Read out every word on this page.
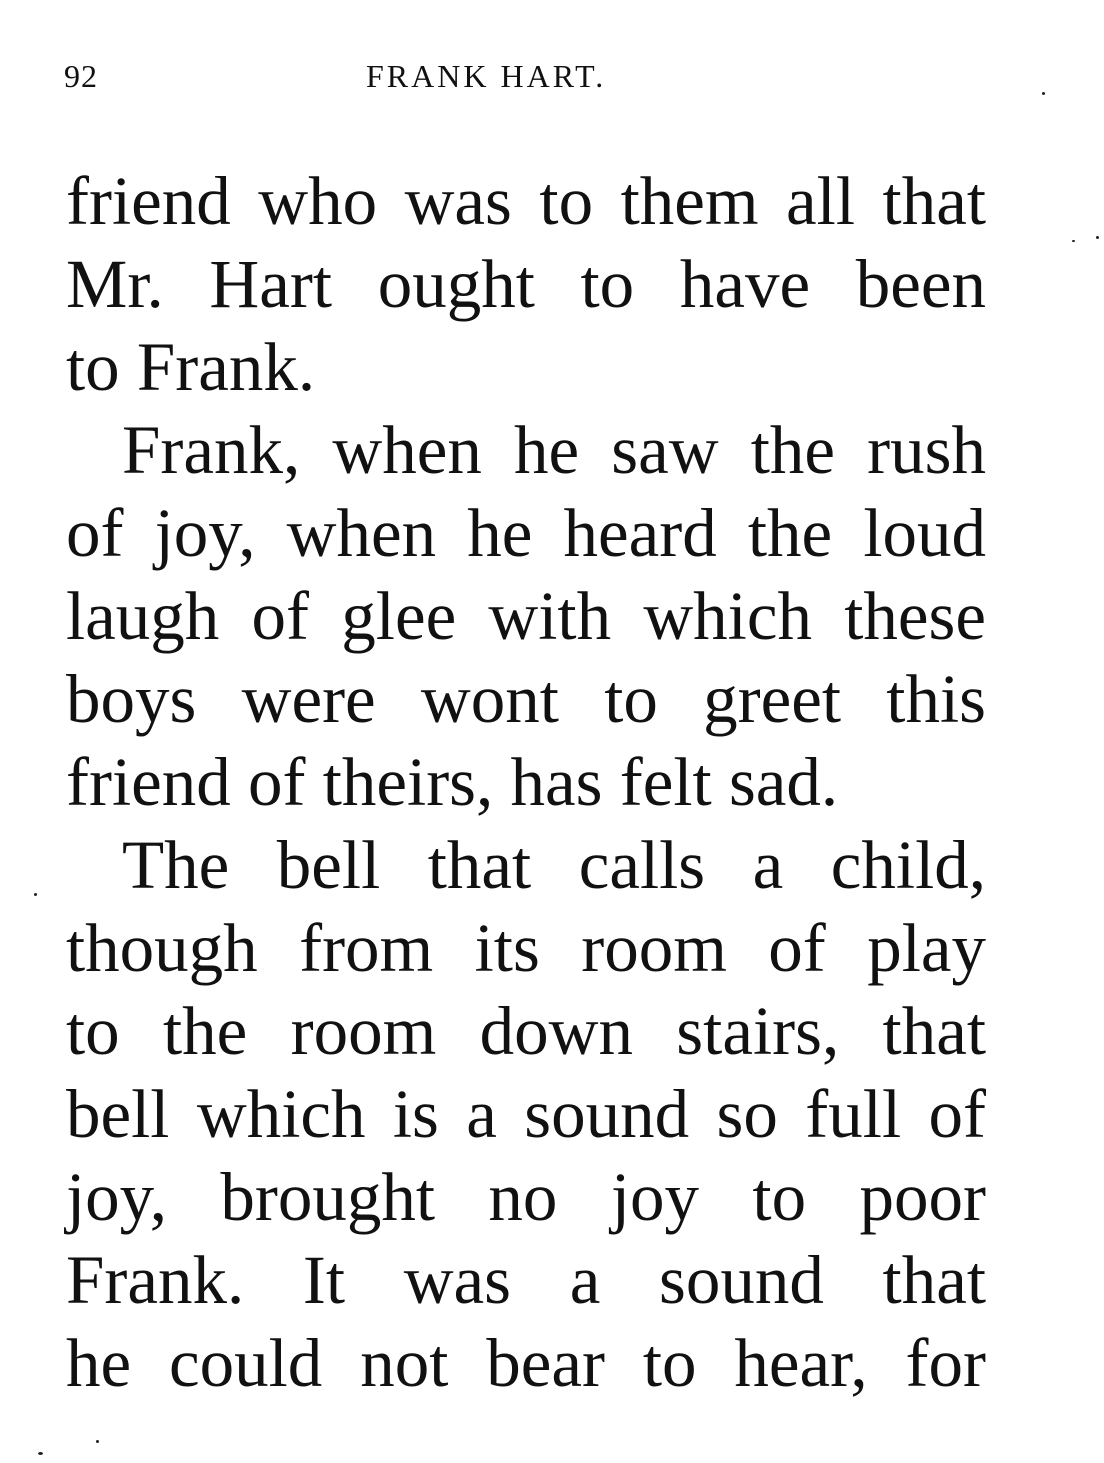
92	FRANK HART.
friend who was to them all that
Mr. Hart ought to have been
to Frank.
Frank, when he saw the rush
of joy, when he heard the loud
laugh of glee with which these
boys were wont to greet this
friend of theirs, has felt sad.
The bell that calls a child,
though from its room of play
to the room down stairs, that
bell which is a sound so full of
joy, brought no joy to poor
Frank. It was a sound that
he could not bear to hear, for
